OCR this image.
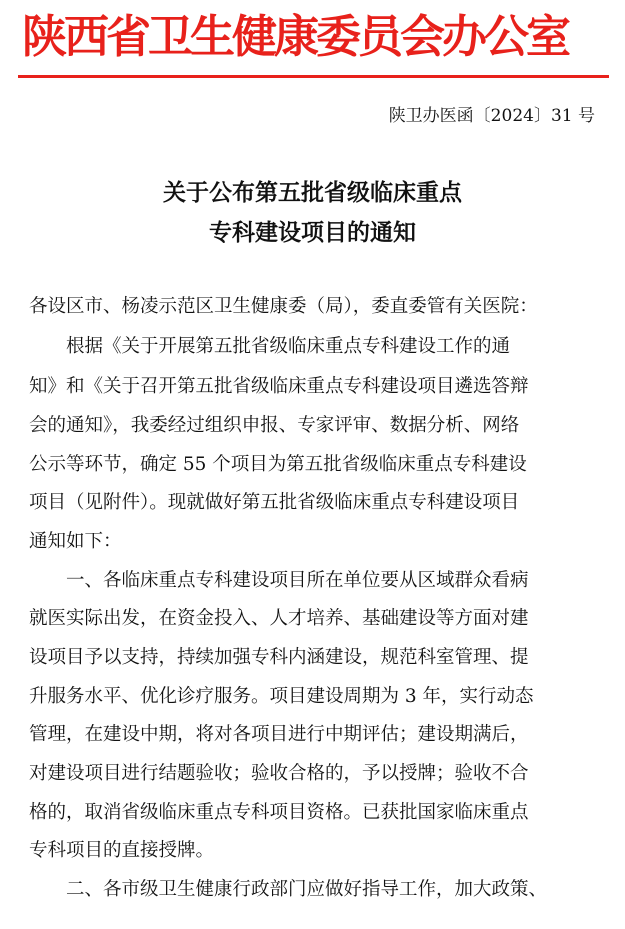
陕西省卫生健康委员会办公室
陕卫办医函〔2024〕31 号
关于公布第五批省级临床重点
专科建设项目的通知
各设区市、杨凌示范区卫生健康委（局），委直委管有关医院：
　　根据《关于开展第五批省级临床重点专科建设工作的通
知》和《关于召开第五批省级临床重点专科建设项目遴选答辩
会的通知》，我委经过组织申报、专家评审、数据分析、网络
公示等环节，确定 55 个项目为第五批省级临床重点专科建设
项目（见附件）。现就做好第五批省级临床重点专科建设项目
通知如下：
　　一、各临床重点专科建设项目所在单位要从区域群众看病
就医实际出发，在资金投入、人才培养、基础建设等方面对建
设项目予以支持，持续加强专科内涵建设，规范科室管理、提
升服务水平、优化诊疗服务。项目建设周期为 3 年，实行动态
管理，在建设中期，将对各项目进行中期评估；建设期满后，
对建设项目进行结题验收；验收合格的，予以授牌；验收不合
格的，取消省级临床重点专科项目资格。已获批国家临床重点
专科项目的直接授牌。
　　二、各市级卫生健康行政部门应做好指导工作，加大政策、
